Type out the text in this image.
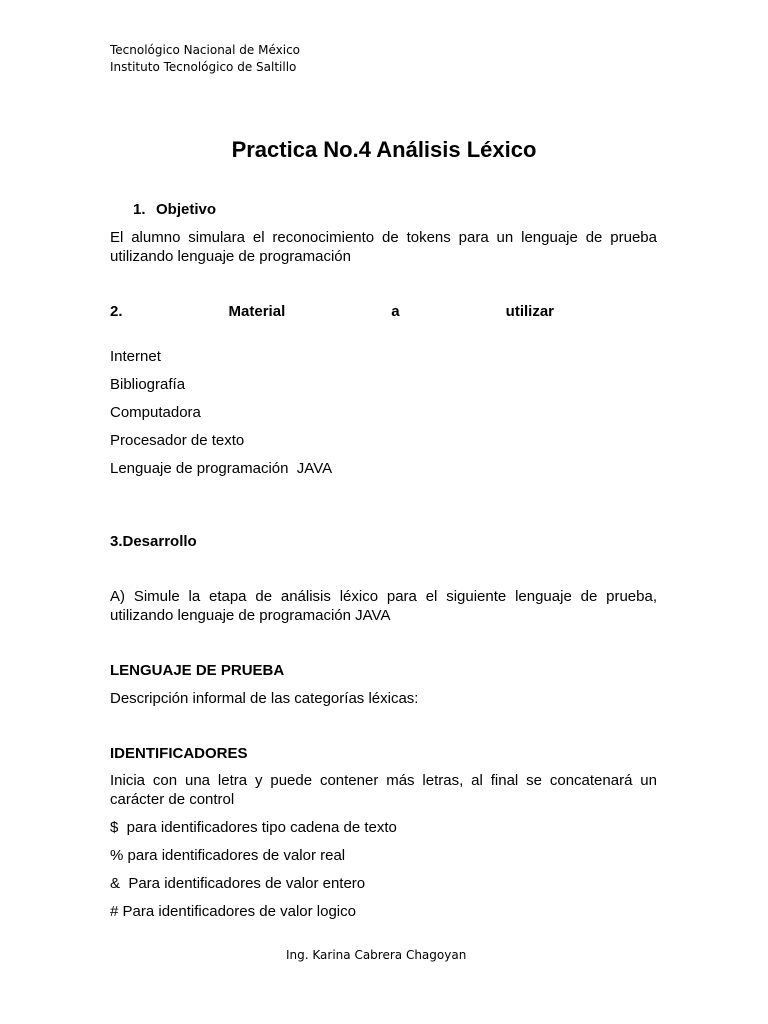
Tecnológico Nacional de México
Instituto Tecnológico de Saltillo
Practica No.4 Análisis Léxico
1. Objetivo

El alumno simulara el reconocimiento de tokens para un lenguaje de prueba utilizando lenguaje de programación

2.	Material	a	utilizar
Internet
Bibliografía
Computadora
Procesador de texto
Lenguaje de programación  JAVA
3.Desarrollo

A) Simule la etapa de análisis léxico para el siguiente lenguaje de prueba, utilizando lenguaje de programación JAVA

LENGUAJE DE PRUEBA
Descripción informal de las categorías léxicas:
IDENTIFICADORES

Inicia con una letra y puede contener más letras, al final se concatenará un carácter de control

$  para identificadores tipo cadena de texto
% para identificadores de valor real
&  Para identificadores de valor entero
# Para identificadores de valor logico
Ing. Karina Cabrera Chagoyan
